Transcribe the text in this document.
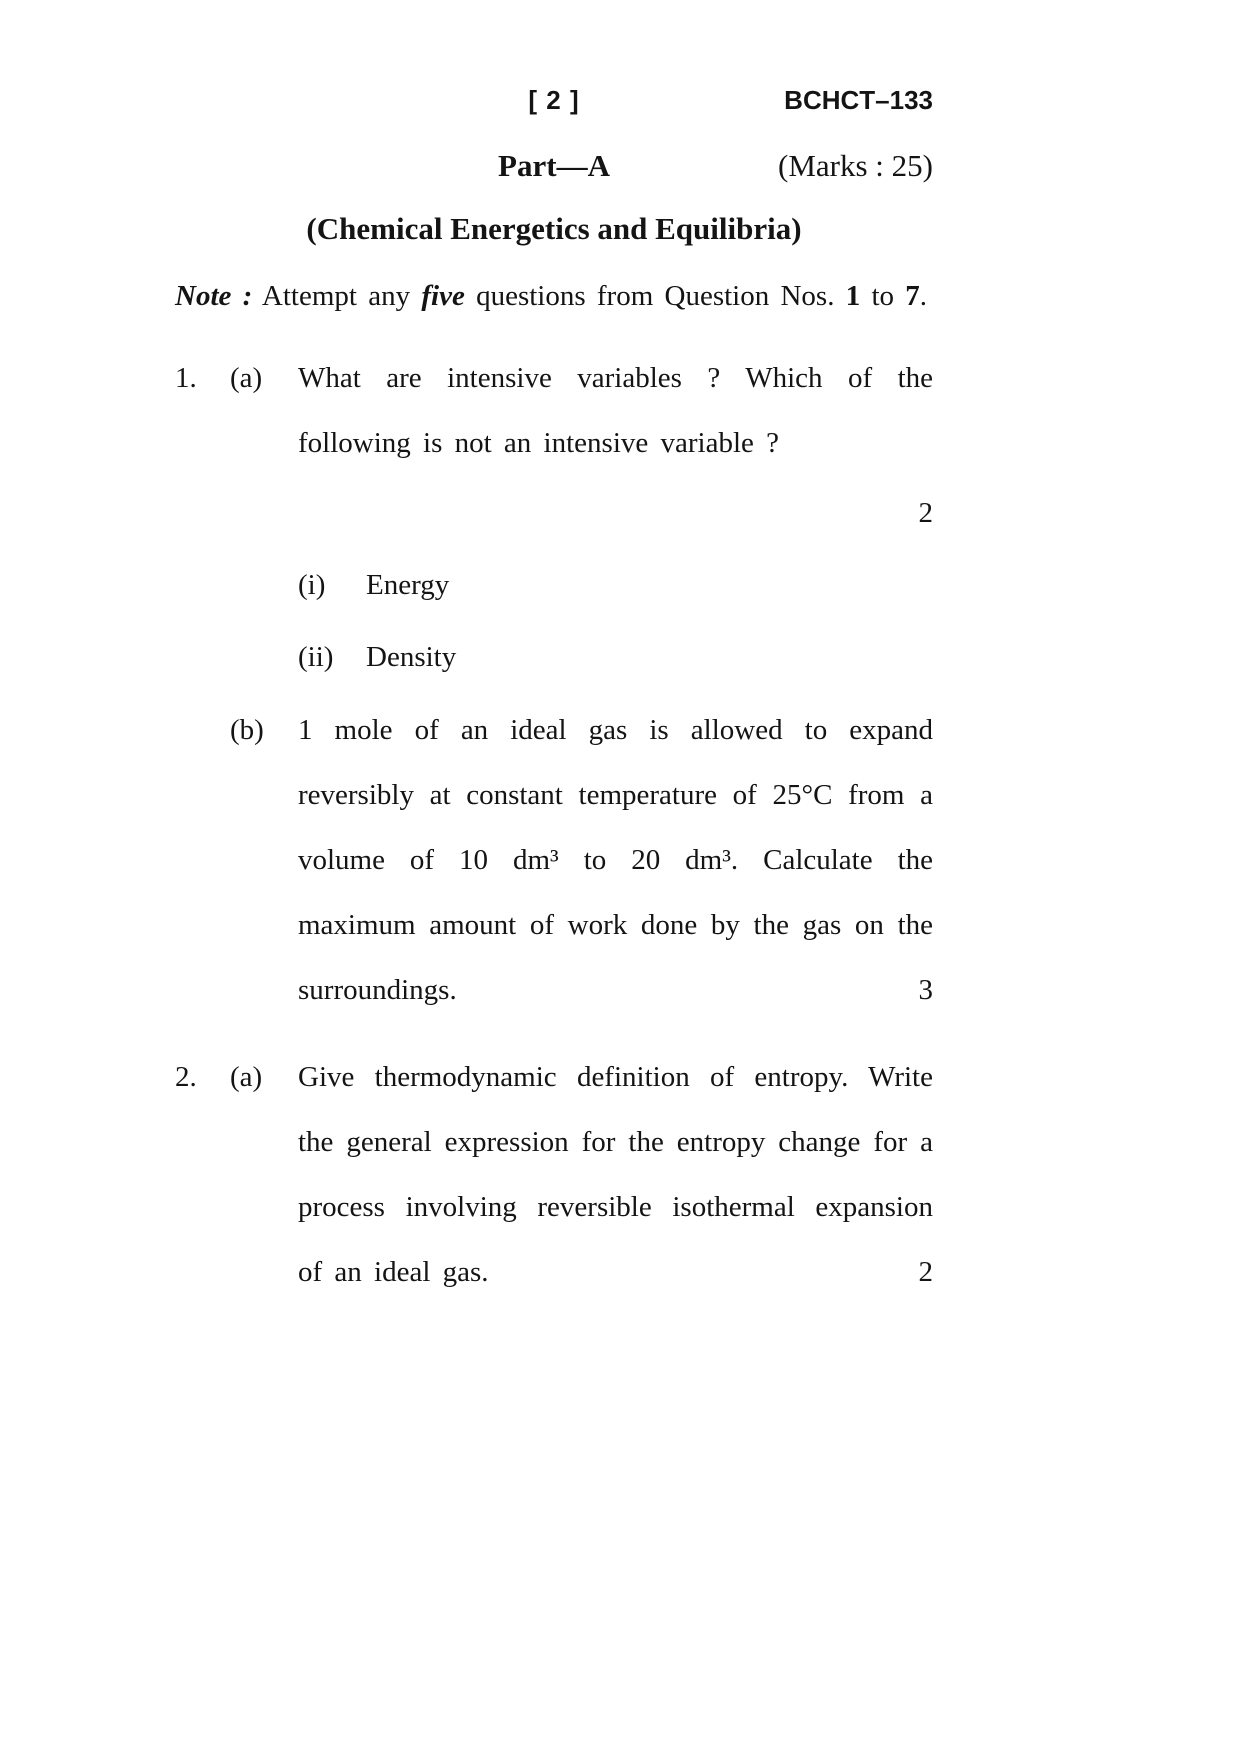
[ 2 ]	BCHCT–133
Part—A	(Marks : 25)
(Chemical Energetics and Equilibria)

Note : Attempt any five questions from Question Nos. 1 to 7.

1.	(a)	What are intensive variables ? Which of the following is not an intensive variable ?

2
(i)	Energy
(ii)	Density
(b)	1 mole of an ideal gas is allowed to expand reversibly at constant temperature of 25°C from a volume of 10 dm³ to 20 dm³. Calculate the maximum amount of work done by the gas on the surroundings.	3
2.	(a)	Give thermodynamic definition of entropy. Write the general expression for the entropy change for a process involving reversible isothermal expansion of an ideal gas.	2
